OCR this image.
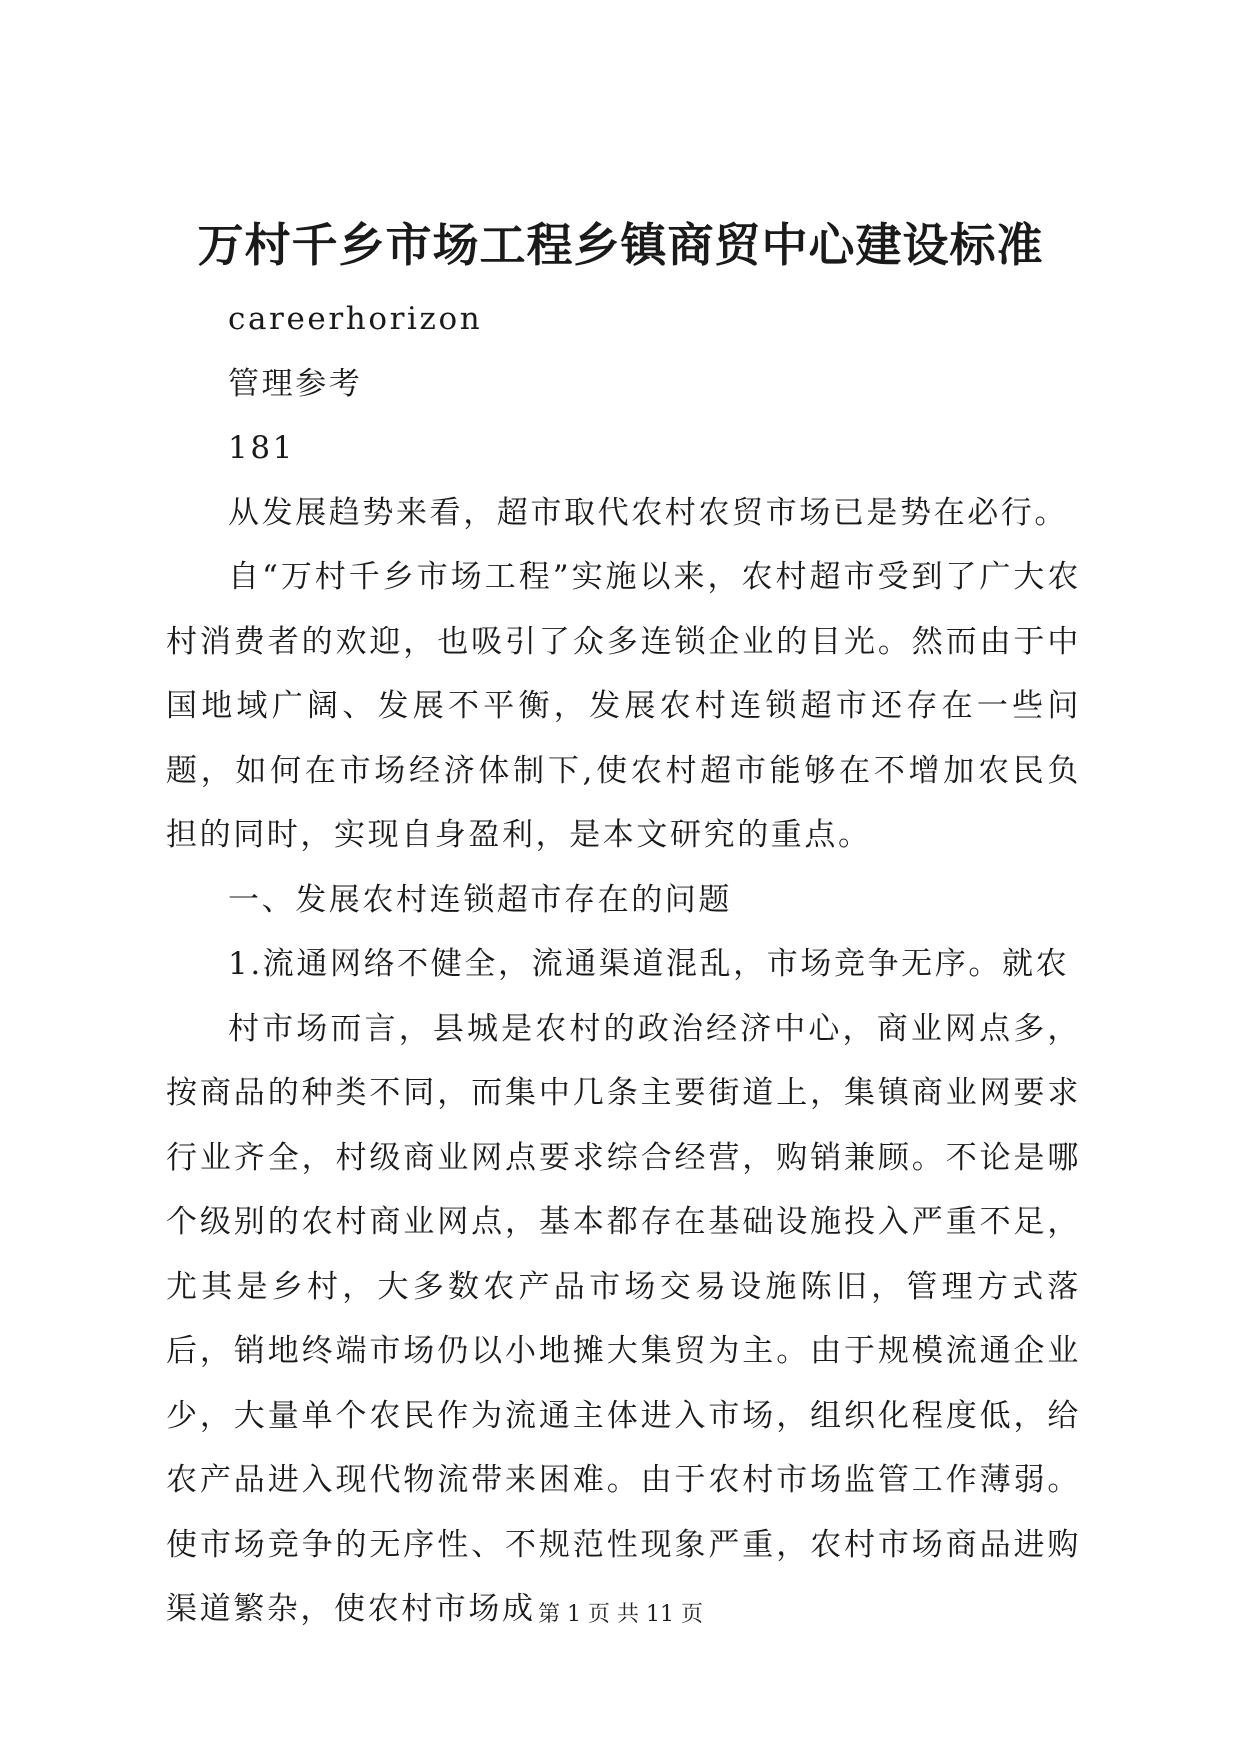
万村千乡市场工程乡镇商贸中心建设标准

careerhorizon

管理参考

181

从发展趋势来看，超市取代农村农贸市场已是势在必行。

自“万村千乡市场工程”实施以来，农村超市受到了广大农村消费者的欢迎，也吸引了众多连锁企业的目光。然而由于中国地域广阔、发展不平衡，发展农村连锁超市还存在一些问题，如何在市场经济体制下,使农村超市能够在不增加农民负担的同时，实现自身盈利，是本文研究的重点。

一、发展农村连锁超市存在的问题

1.流通网络不健全，流通渠道混乱，市场竞争无序。就农

村市场而言，县城是农村的政治经济中心，商业网点多，按商品的种类不同，而集中几条主要街道上，集镇商业网要求行业齐全，村级商业网点要求综合经营，购销兼顾。不论是哪个级别的农村商业网点，基本都存在基础设施投入严重不足，尤其是乡村，大多数农产品市场交易设施陈旧，管理方式落后，销地终端市场仍以小地摊大集贸为主。由于规模流通企业少，大量单个农民作为流通主体进入市场，组织化程度低，给农产品进入现代物流带来困难。由于农村市场监管工作薄弱。使市场竞争的无序性、不规范性现象严重，农村市场商品进购渠道繁杂，使农村市场成 第 1 页 共 11 页
